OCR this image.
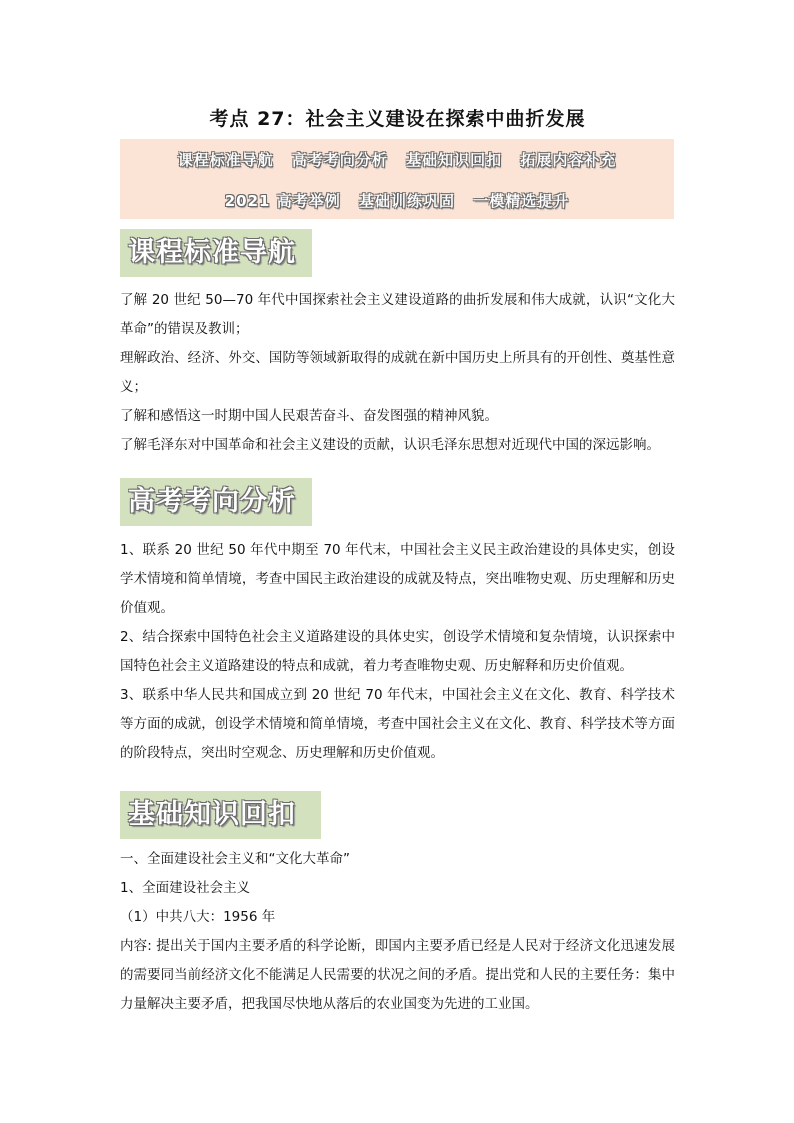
考点 27：社会主义建设在探索中曲折发展
课程标准导航 高考考向分析 基础知识回扣 拓展内容补充
2021 高考举例 基础训练巩固 一模精选提升
课程标准导航

了解 20 世纪 50—70 年代中国探索社会主义建设道路的曲折发展和伟大成就，认识“文化大革命”的错误及教训；

理解政治、经济、外交、国防等领域新取得的成就在新中国历史上所具有的开创性、奠基性意义；

了解和感悟这一时期中国人民艰苦奋斗、奋发图强的精神风貌。

了解毛泽东对中国革命和社会主义建设的贡献，认识毛泽东思想对近现代中国的深远影响。

高考考向分析

1、联系 20 世纪 50 年代中期至 70 年代末，中国社会主义民主政治建设的具体史实，创设学术情境和简单情境，考查中国民主政治建设的成就及特点，突出唯物史观、历史理解和历史价值观。

2、结合探索中国特色社会主义道路建设的具体史实，创设学术情境和复杂情境，认识探索中国特色社会主义道路建设的特点和成就，着力考查唯物史观、历史解释和历史价值观。

3、联系中华人民共和国成立到 20 世纪 70 年代末，中国社会主义在文化、教育、科学技术等方面的成就，创设学术情境和简单情境，考查中国社会主义在文化、教育、科学技术等方面的阶段特点，突出时空观念、历史理解和历史价值观。

基础知识回扣

一、全面建设社会主义和“文化大革命”

1、全面建设社会主义

（1）中共八大：1956 年

内容: 提出关于国内主要矛盾的科学论断，即国内主要矛盾已经是人民对于经济文化迅速发展的需要同当前经济文化不能满足人民需要的状况之间的矛盾。提出党和人民的主要任务：集中力量解决主要矛盾，把我国尽快地从落后的农业国变为先进的工业国。
